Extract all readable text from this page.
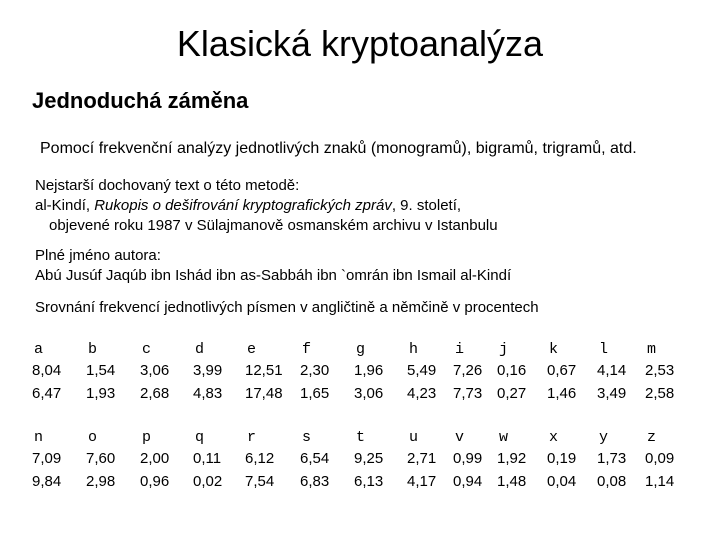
Klasická kryptoanalýza
Jednoduchá záměna
Pomocí frekvenční analýzy jednotlivých znaků (monogramů), bigramů, trigramů, atd.
Nejstarší dochovaný text o této metodě:
al-Kindí, Rukopis o dešifrování kryptografických zpráv, 9. století,
objevené roku 1987 v Sülajmanově osmanském archivu v Istanbulu
Plné jméno autora:
Abú Jusúf Jaqúb ibn Ishád ibn as-Sabbáh ibn `omrán ibn Ismail al-Kindí
Srovnání frekvencí jednotlivých písmen v angličtině a němčině v procentech
a	b	c	d	e	f	g	h i j	k	l	m
8,04 1,54 3,06 3,99 12,51 2,30 1,96 5,49 7,26 0,16 0,67 4,14 2,53
6,47 1,93 2,68 4,83 17,48 1,65 3,06 4,23 7,73 0,27 1,46 3,49 2,58
n	o	p	q	r	s	t	u v w	x	y	z
7,09 7,60 2,00 0,11 6,12 6,54 9,25 2,71 0,99 1,92 0,19 1,73 0,09
9,84 2,98 0,96 0,02 7,54 6,83 6,13 4,17 0,94 1,48 0,04 0,08 1,14
